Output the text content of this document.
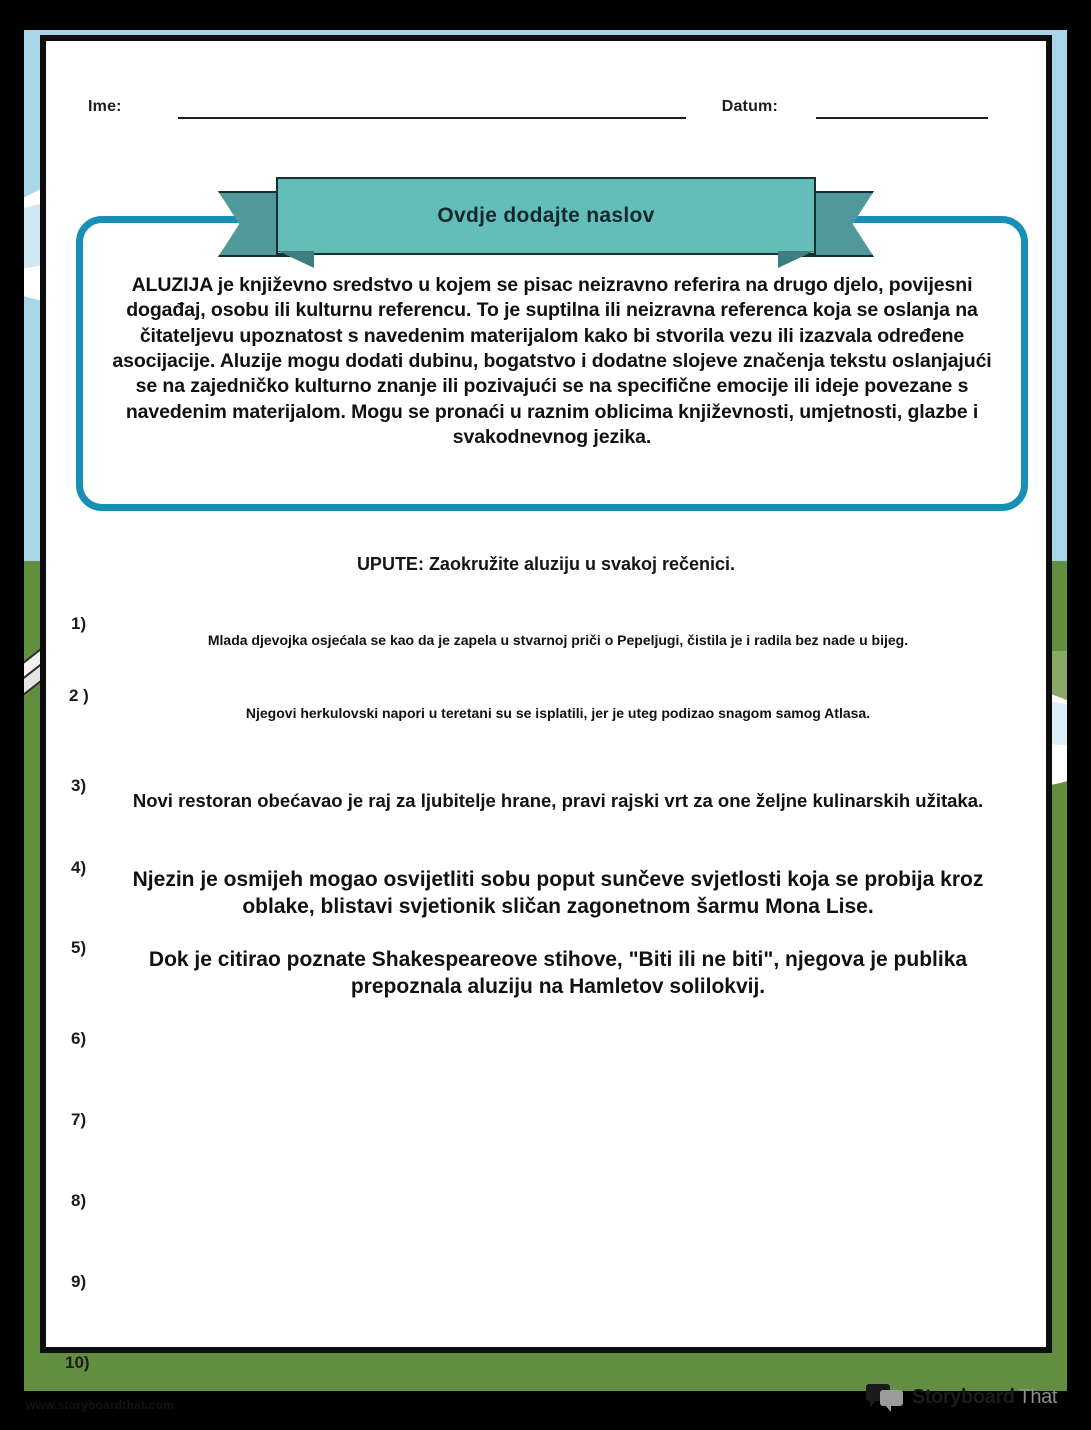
Ime:	Datum:
Ovdje dodajte naslov
ALUZIJA je književno sredstvo u kojem se pisac neizravno referira na drugo djelo, povijesni događaj, osobu ili kulturnu referencu. To je suptilna ili neizravna referenca koja se oslanja na čitateljevu upoznatost s navedenim materijalom kako bi stvorila vezu ili izazvala određene asocijacije. Aluzije mogu dodati dubinu, bogatstvo i dodatne slojeve značenja tekstu oslanjajući se na zajedničko kulturno znanje ili pozivajući se na specifične emocije ili ideje povezane s navedenim materijalom. Mogu se pronaći u raznim oblicima književnosti, umjetnosti, glazbe i svakodnevnog jezika.
UPUTE: Zaokružite aluziju u svakoj rečenici.
1)
Mlada djevojka osjećala se kao da je zapela u stvarnoj priči o Pepeljugi, čistila je i radila bez nade u bijeg.
2 )
Njegovi herkulovski napori u teretani su se isplatili, jer je uteg podizao snagom samog Atlasa.
3)
Novi restoran obećavao je raj za ljubitelje hrane, pravi rajski vrt za one željne kulinarskih užitaka.
4)
Njezin je osmijeh mogao osvijetliti sobu poput sunčeve svjetlosti koja se probija kroz oblake, blistavi svjetionik sličan zagonetnom šarmu Mona Lise.
5)
Dok je citirao poznate Shakespeareove stihove, "Biti ili ne biti", njegova je publika prepoznala aluziju na Hamletov solilokvij.
6)
7)
8)
9)
10)
www.storyboardthat.com	Storyboard That
